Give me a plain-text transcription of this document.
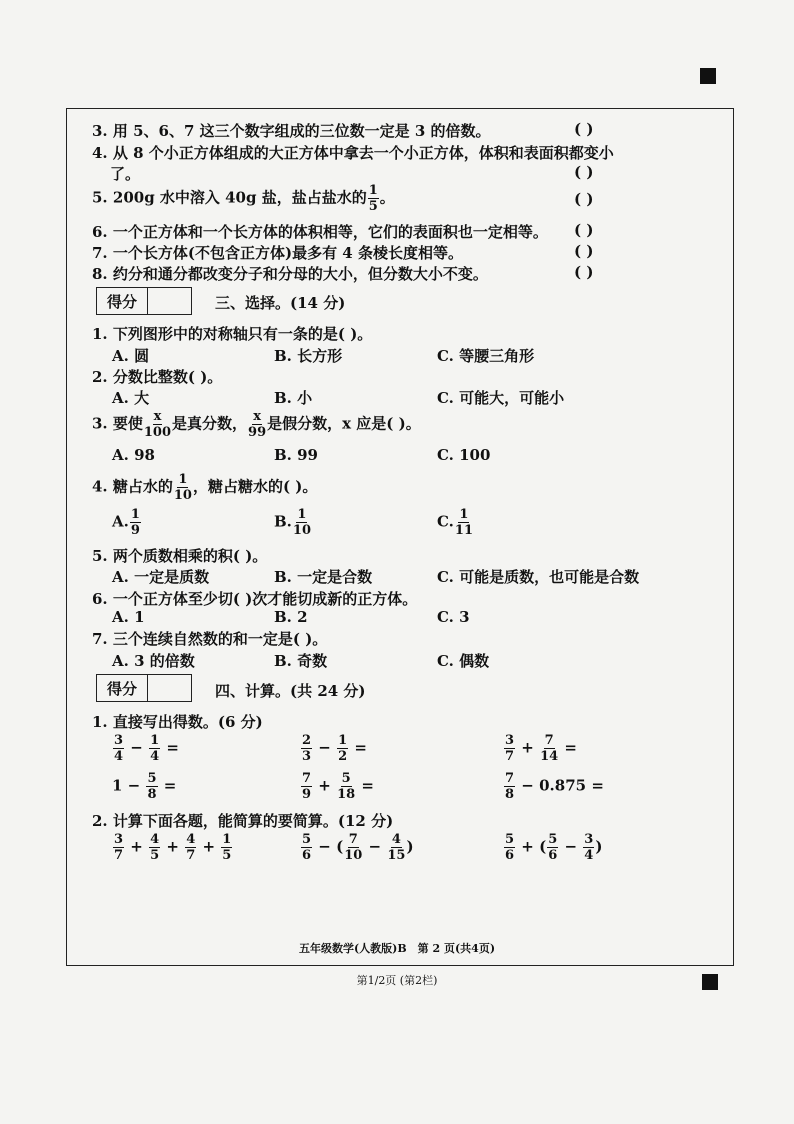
3. 用 5、6、7 这三个数字组成的三位数一定是 3 的倍数。	( )
4. 从 8 个小正方体组成的大正方体中拿去一个小正方体，体积和表面积都变小
了。	( )
5. 200g 水中溶入 40g 盐，盐占盐水的 $\frac{1}{5}$ 。	( )
6. 一个正方体和一个长方体的体积相等，它们的表面积也一定相等。 ( )
7. 一个长方体(不包含正方体)最多有 4 条棱长度相等。	( )
8. 约分和通分都改变分子和分母的大小，但分数大小不变。	( )
得分	三、选择。(14 分)
1. 下列图形中的对称轴只有一条的是( )。
A. 圆	B. 长方形	C. 等腰三角形
2. 分数比整数( )。
A. 大	B. 小	C. 可能大，可能小
3. 要使 $\frac{x}{100}$ 是真分数， $\frac{x}{99}$ 是假分数，x 应是( )。
A. 98	B. 99	C. 100
4. 糖占水的 $\frac{1}{10}$ ，糖占糖水的( )。
A. $\frac{1}{9}$	B. $\frac{1}{10}$	C. $\frac{1}{11}$
5. 两个质数相乘的积( )。
A. 一定是质数	B. 一定是合数	C. 可能是质数，也可能是合数
6. 一个正方体至少切( )次才能切成新的正方体。
A. 1	B. 2	C. 3
7. 三个连续自然数的和一定是( )。
A. 3 的倍数	B. 奇数	C. 偶数
得分	四、计算。(共 24 分)
1. 直接写出得数。(6 分)
$\frac{3}{4} - \frac{1}{4}$ =	$\frac{2}{3} - \frac{1}{2}$ =	$\frac{3}{7} + \frac{7}{14}$ =
$1 - \frac{5}{8}$ =	$\frac{7}{9} + \frac{5}{18}$ =	$\frac{7}{8} - 0.875$ =
2. 计算下面各题，能简算的要简算。(12 分)
$\frac{3}{7} + \frac{4}{5} + \frac{4}{7} + \frac{1}{5}$	$\frac{5}{6}$ − ( $\frac{7}{10} - \frac{4}{15}$ )	$\frac{5}{6}$ + ( $\frac{5}{6} - \frac{3}{4}$ )
五年级数学(人教版)B　第 2 页(共4页)
第1/2页 (第2栏)
